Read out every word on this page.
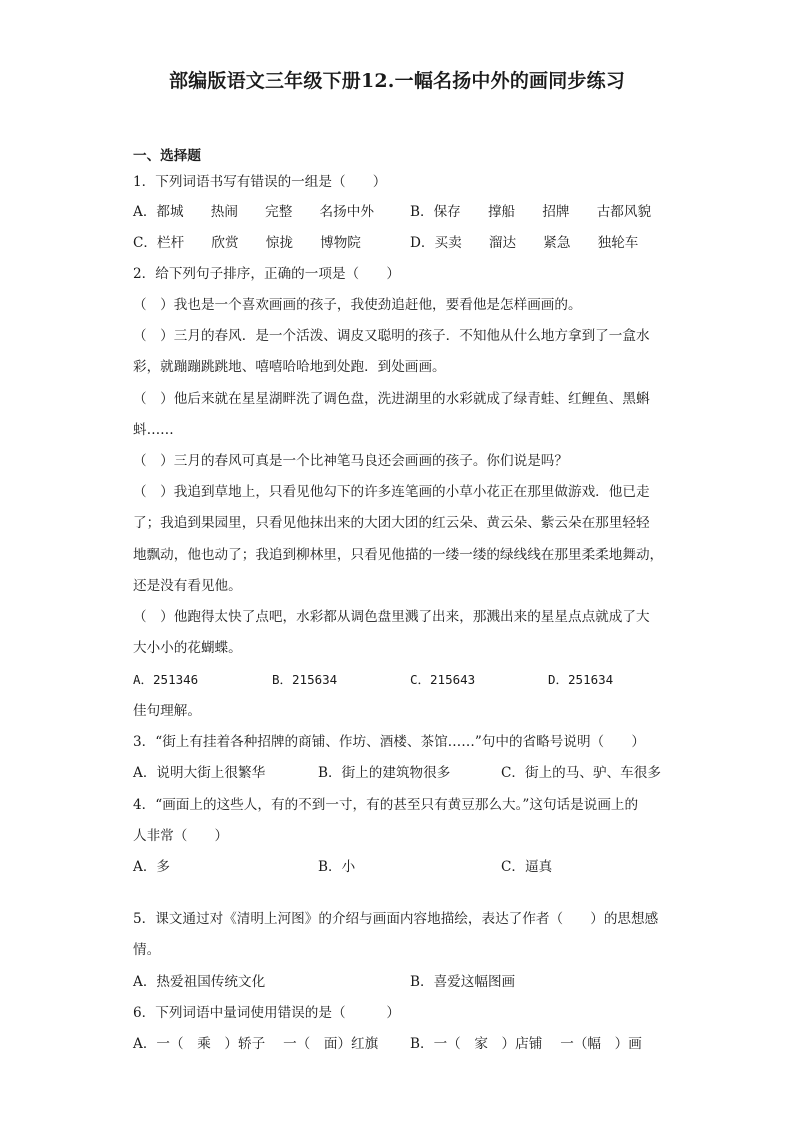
部编版语文三年级下册12.一幅名扬中外的画同步练习
一、选择题
1．下列词语书写有错误的一组是（　　）
A．都城　　热闹　　完整　　名扬中外	B．保存　　撑船　　招牌　　古都风貌
C．栏杆　　欣赏　　惊拢　　博物院	D．买卖　　溜达　　紧急　　独轮车
2．给下列句子排序，正确的一项是（　　）
（　）我也是一个喜欢画画的孩子，我使劲追赶他，要看他是怎样画画的。
（　）三月的春风．是一个活泼、调皮又聪明的孩子．不知他从什么地方拿到了一盒水
彩，就蹦蹦跳跳地、嘻嘻哈哈地到处跑．到处画画。
（　）他后来就在星星湖畔洗了调色盘，洗进湖里的水彩就成了绿青蛙、红鲤鱼、黑蝌
蚪……
（　）三月的春风可真是一个比神笔马良还会画画的孩子。你们说是吗？
（　）我追到草地上，只看见他勾下的许多连笔画的小草小花正在那里做游戏．他已走
了；我追到果园里，只看见他抹出来的大团大团的红云朵、黄云朵、紫云朵在那里轻轻
地飘动，他也动了；我追到柳林里，只看见他描的一缕一缕的绿线线在那里柔柔地舞动，
还是没有看见他。
（　）他跑得太快了点吧，水彩都从调色盘里溅了出来，那溅出来的星星点点就成了大
大小小的花蝴蝶。
A．251346	B．215634	C．215643	D．251634
佳句理解。
3．“街上有挂着各种招牌的商铺、作坊、酒楼、茶馆……”句中的省略号说明（　　）
A．说明大街上很繁华	B．街上的建筑物很多	C．街上的马、驴、车很多
4．“画面上的这些人，有的不到一寸，有的甚至只有黄豆那么大。”这句话是说画上的
人非常（　　）
A．多	B．小	C．逼真
5．课文通过对《清明上河图》的介绍与画面内容地描绘，表达了作者（　　）的思想感
情。
A．热爱祖国传统文化	B．喜爱这幅图画
6．下列词语中量词使用错误的是（　　　）
A．一（　乘　）轿子　 一（　面）红旗 B．一（　家　）店铺　 一（幅　）画
